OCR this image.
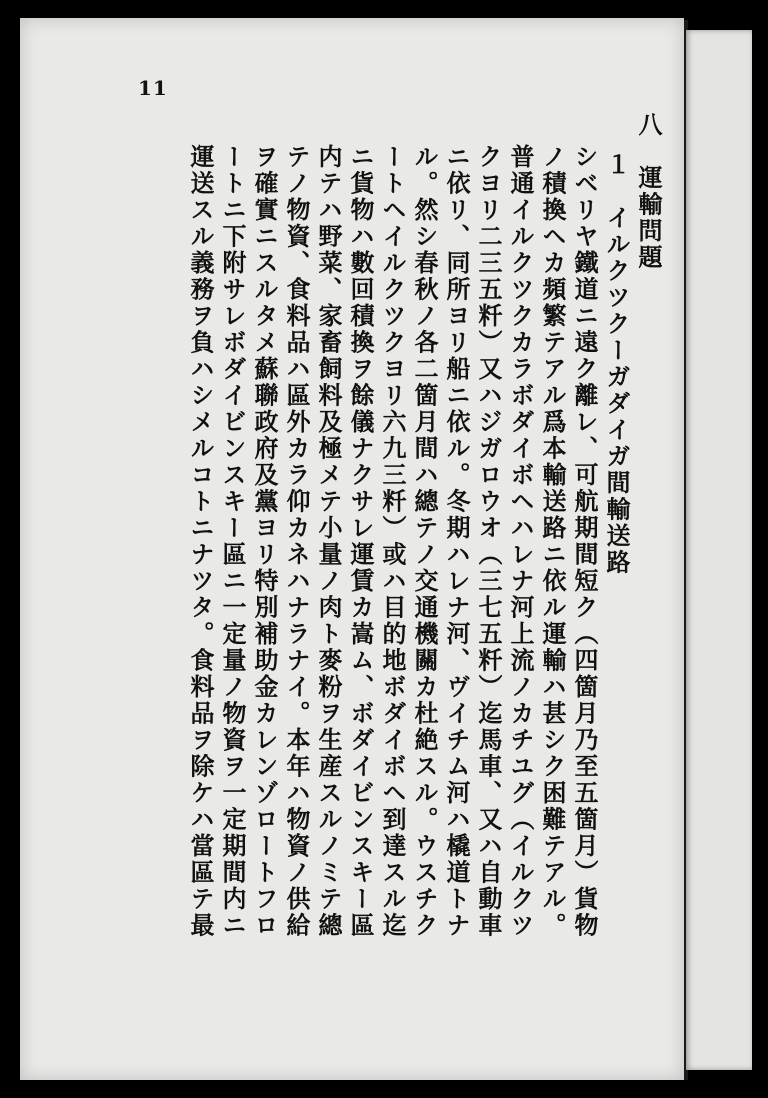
11
八　運輸問題
１　イルクツクーガダイガ間輸送路
シベリヤ鐵道ニ遠ク離レ、可航期間短ク（四箇月乃至五箇月）貨物
ノ積換ヘカ頻繁テアル爲本輸送路ニ依ル運輸ハ甚シク困難テアル。
普通イルクツクカラボダイボヘハレナ河上流ノカチユグ（イルクツ
クヨリ二三五粁）又ハジガロウオ（三七五粁）迄馬車、又ハ自動車
ニ依リ、同所ヨリ船ニ依ル。冬期ハレナ河、ヴイチム河ハ橇道トナ
ル。然シ春秋ノ各二箇月間ハ總テノ交通機關カ杜絶スル。ウスチク
ートヘイルクツクヨリ六九三粁）或ハ目的地ボダイボヘ到達スル迄
ニ貨物ハ數回積換ヲ餘儀ナクサレ運賃カ嵩ム、ボダイビンスキー區
内テハ野菜、家畜飼料及極メテ小量ノ肉ト麥粉ヲ生産スルノミテ總
テノ物資、食料品ハ區外カラ仰カネハナラナイ。本年ハ物資ノ供給
ヲ確實ニスルタメ蘇聯政府及黨ヨリ特別補助金カレンゾロートフロ
ートニ下附サレボダイビンスキー區ニ一定量ノ物資ヲ一定期間内ニ
運送スル義務ヲ負ハシメルコトニナツタ。食料品ヲ除ケハ當區テ最
